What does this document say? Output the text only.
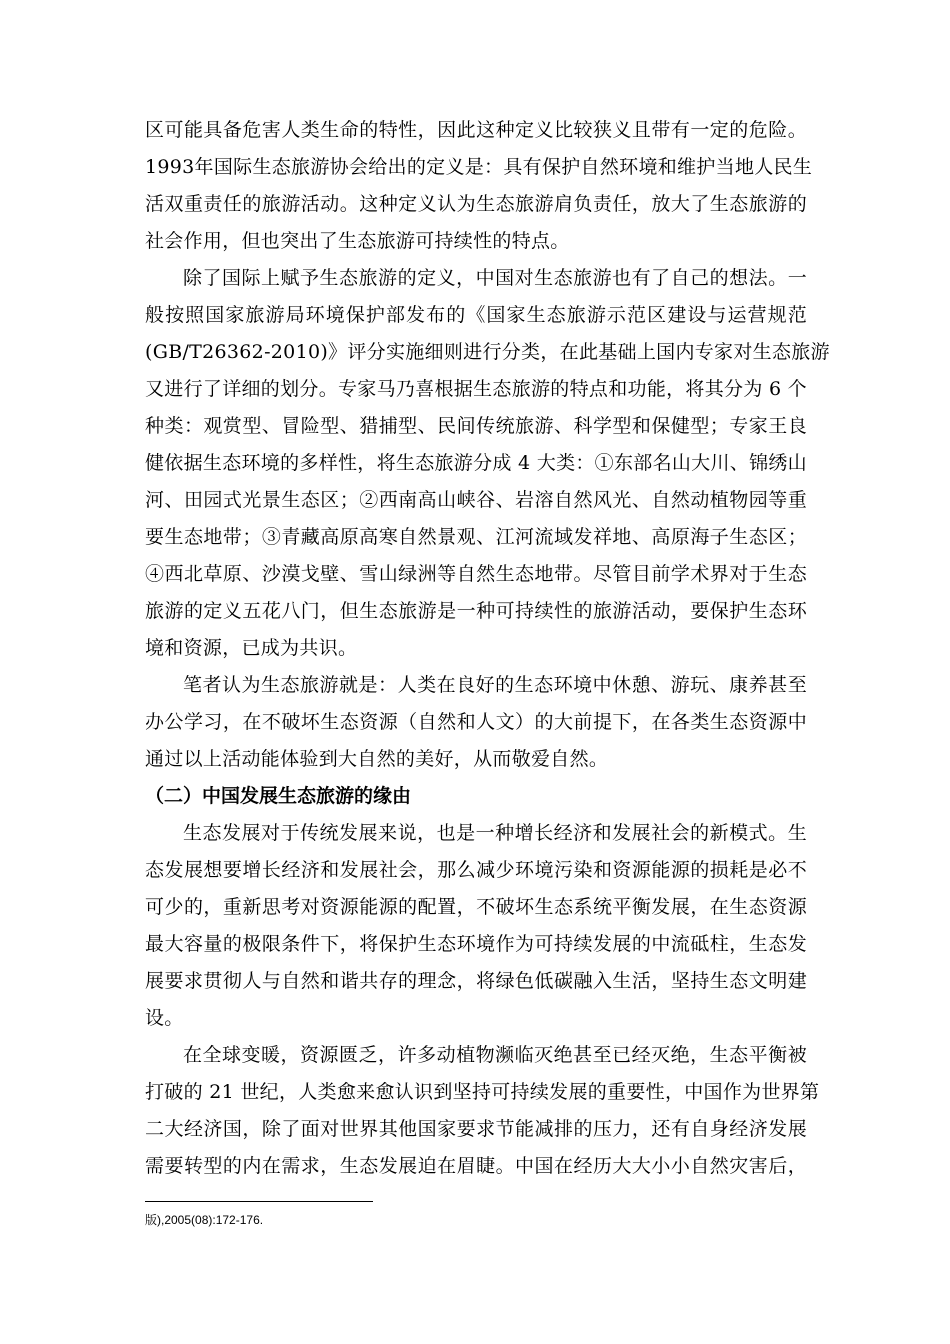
区可能具备危害人类生命的特性，因此这种定义比较狭义且带有一定的危险。
1993年国际生态旅游协会给出的定义是：具有保护自然环境和维护当地人民生
活双重责任的旅游活动。这种定义认为生态旅游肩负责任，放大了生态旅游的
社会作用，但也突出了生态旅游可持续性的特点。
除了国际上赋予生态旅游的定义，中国对生态旅游也有了自己的想法。一
般按照国家旅游局环境保护部发布的《国家生态旅游示范区建设与运营规范
(GB/T26362-2010)》评分实施细则进行分类，在此基础上国内专家对生态旅游
又进行了详细的划分。专家马乃喜根据生态旅游的特点和功能，将其分为 6 个
种类：观赏型、冒险型、猎捕型、民间传统旅游、科学型和保健型；专家王良
健依据生态环境的多样性，将生态旅游分成 4 大类：①东部名山大川、锦绣山
河、田园式光景生态区；②西南高山峡谷、岩溶自然风光、自然动植物园等重
要生态地带；③青藏高原高寒自然景观、江河流域发祥地、高原海子生态区；
④西北草原、沙漠戈壁、雪山绿洲等自然生态地带。尽管目前学术界对于生态
旅游的定义五花八门，但生态旅游是一种可持续性的旅游活动，要保护生态环
境和资源，已成为共识。
笔者认为生态旅游就是：人类在良好的生态环境中休憩、游玩、康养甚至
办公学习，在不破坏生态资源（自然和人文）的大前提下，在各类生态资源中
通过以上活动能体验到大自然的美好，从而敬爱自然。
生态发展对于传统发展来说，也是一种增长经济和发展社会的新模式。生
态发展想要增长经济和发展社会，那么减少环境污染和资源能源的损耗是必不
可少的，重新思考对资源能源的配置，不破坏生态系统平衡发展，在生态资源
最大容量的极限条件下，将保护生态环境作为可持续发展的中流砥柱，生态发
展要求贯彻人与自然和谐共存的理念，将绿色低碳融入生活，坚持生态文明建
设。
在全球变暖，资源匮乏，许多动植物濒临灭绝甚至已经灭绝，生态平衡被
打破的 21 世纪，人类愈来愈认识到坚持可持续发展的重要性，中国作为世界第
二大经济国，除了面对世界其他国家要求节能减排的压力，还有自身经济发展
需要转型的内在需求，生态发展迫在眉睫。中国在经历大大小小自然灾害后，
（二）中国发展生态旅游的缘由
版),2005(08):172-176.
